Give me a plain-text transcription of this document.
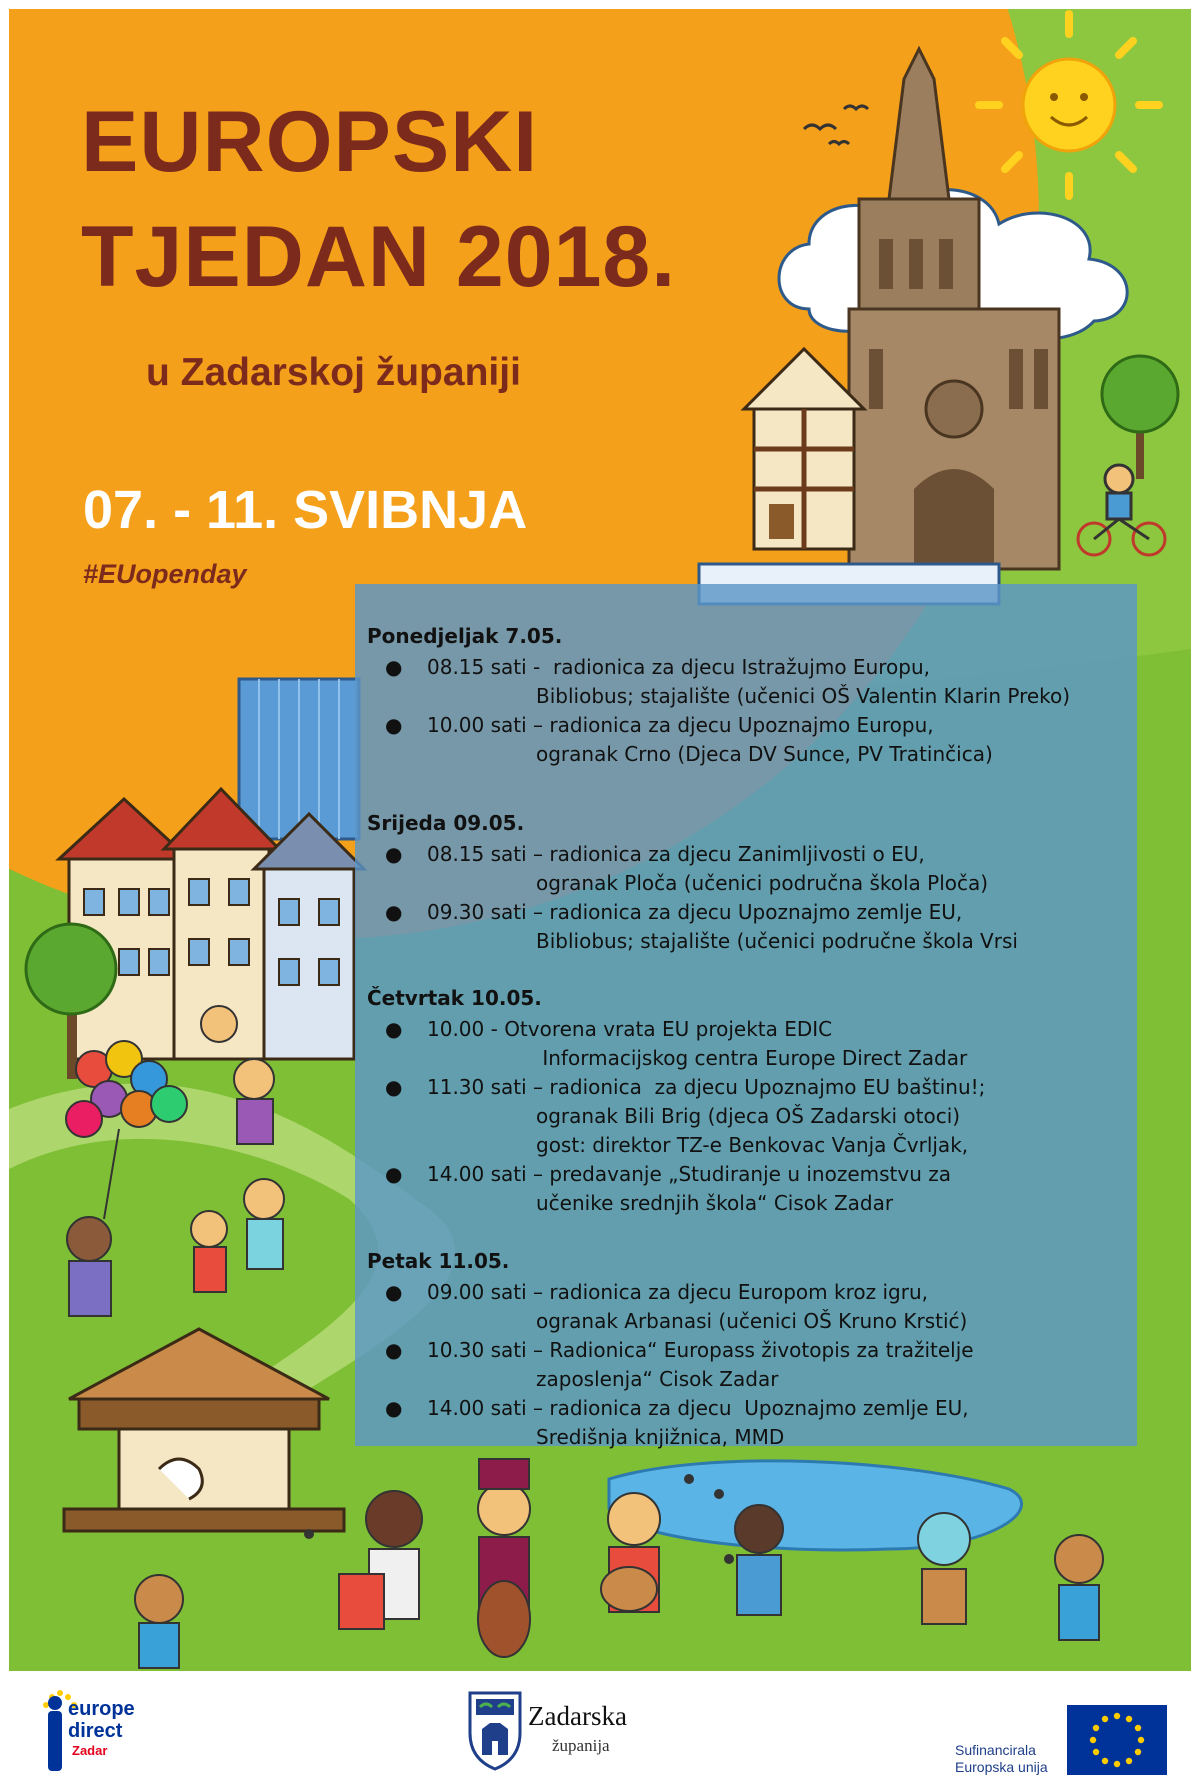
EUROPSKI
TJEDAN 2018.
u Zadarskoj županiji
07. - 11. SVIBNJA
#EUopenday

Ponedjeljak 7.05.

● 08.15 sati -  radionica za djecu Istražujmo Europu,
Bibliobus; stajalište (učenici OŠ Valentin Klarin Preko)
● 10.00 sati – radionica za djecu Upoznajmo Europu,
ogranak Crno (Djeca DV Sunce, PV Tratinčica)

Srijeda 09.05.

● 08.15 sati – radionica za djecu Zanimljivosti o EU,
ogranak Ploča (učenici područna škola Ploča)
● 09.30 sati – radionica za djecu Upoznajmo zemlje EU,
Bibliobus; stajalište (učenici područne škola Vrsi

Četvrtak 10.05.

● 10.00 - Otvorena vrata EU projekta EDIC
Informacijskog centra Europe Direct Zadar
● 11.30 sati – radionica  za djecu Upoznajmo EU baštinu!;
ogranak Bili Brig (djeca OŠ Zadarski otoci)
gost: direktor TZ-e Benkovac Vanja Čvrljak,
● 14.00 sati – predavanje „Studiranje u inozemstvu za
učenike srednjih škola“ Cisok Zadar

Petak 11.05.

● 09.00 sati – radionica za djecu Europom kroz igru,
ogranak Arbanasi (učenici OŠ Kruno Krstić)
● 10.30 sati – Radionica“ Europass životopis za tražitelje
zaposlenja“ Cisok Zadar
● 14.00 sati – radionica za djecu  Upoznajmo zemlje EU,
Središnja knjižnica, MMD
europe
direct
Zadar
Zadarska
županija	Sufinancirala
Europska unija
